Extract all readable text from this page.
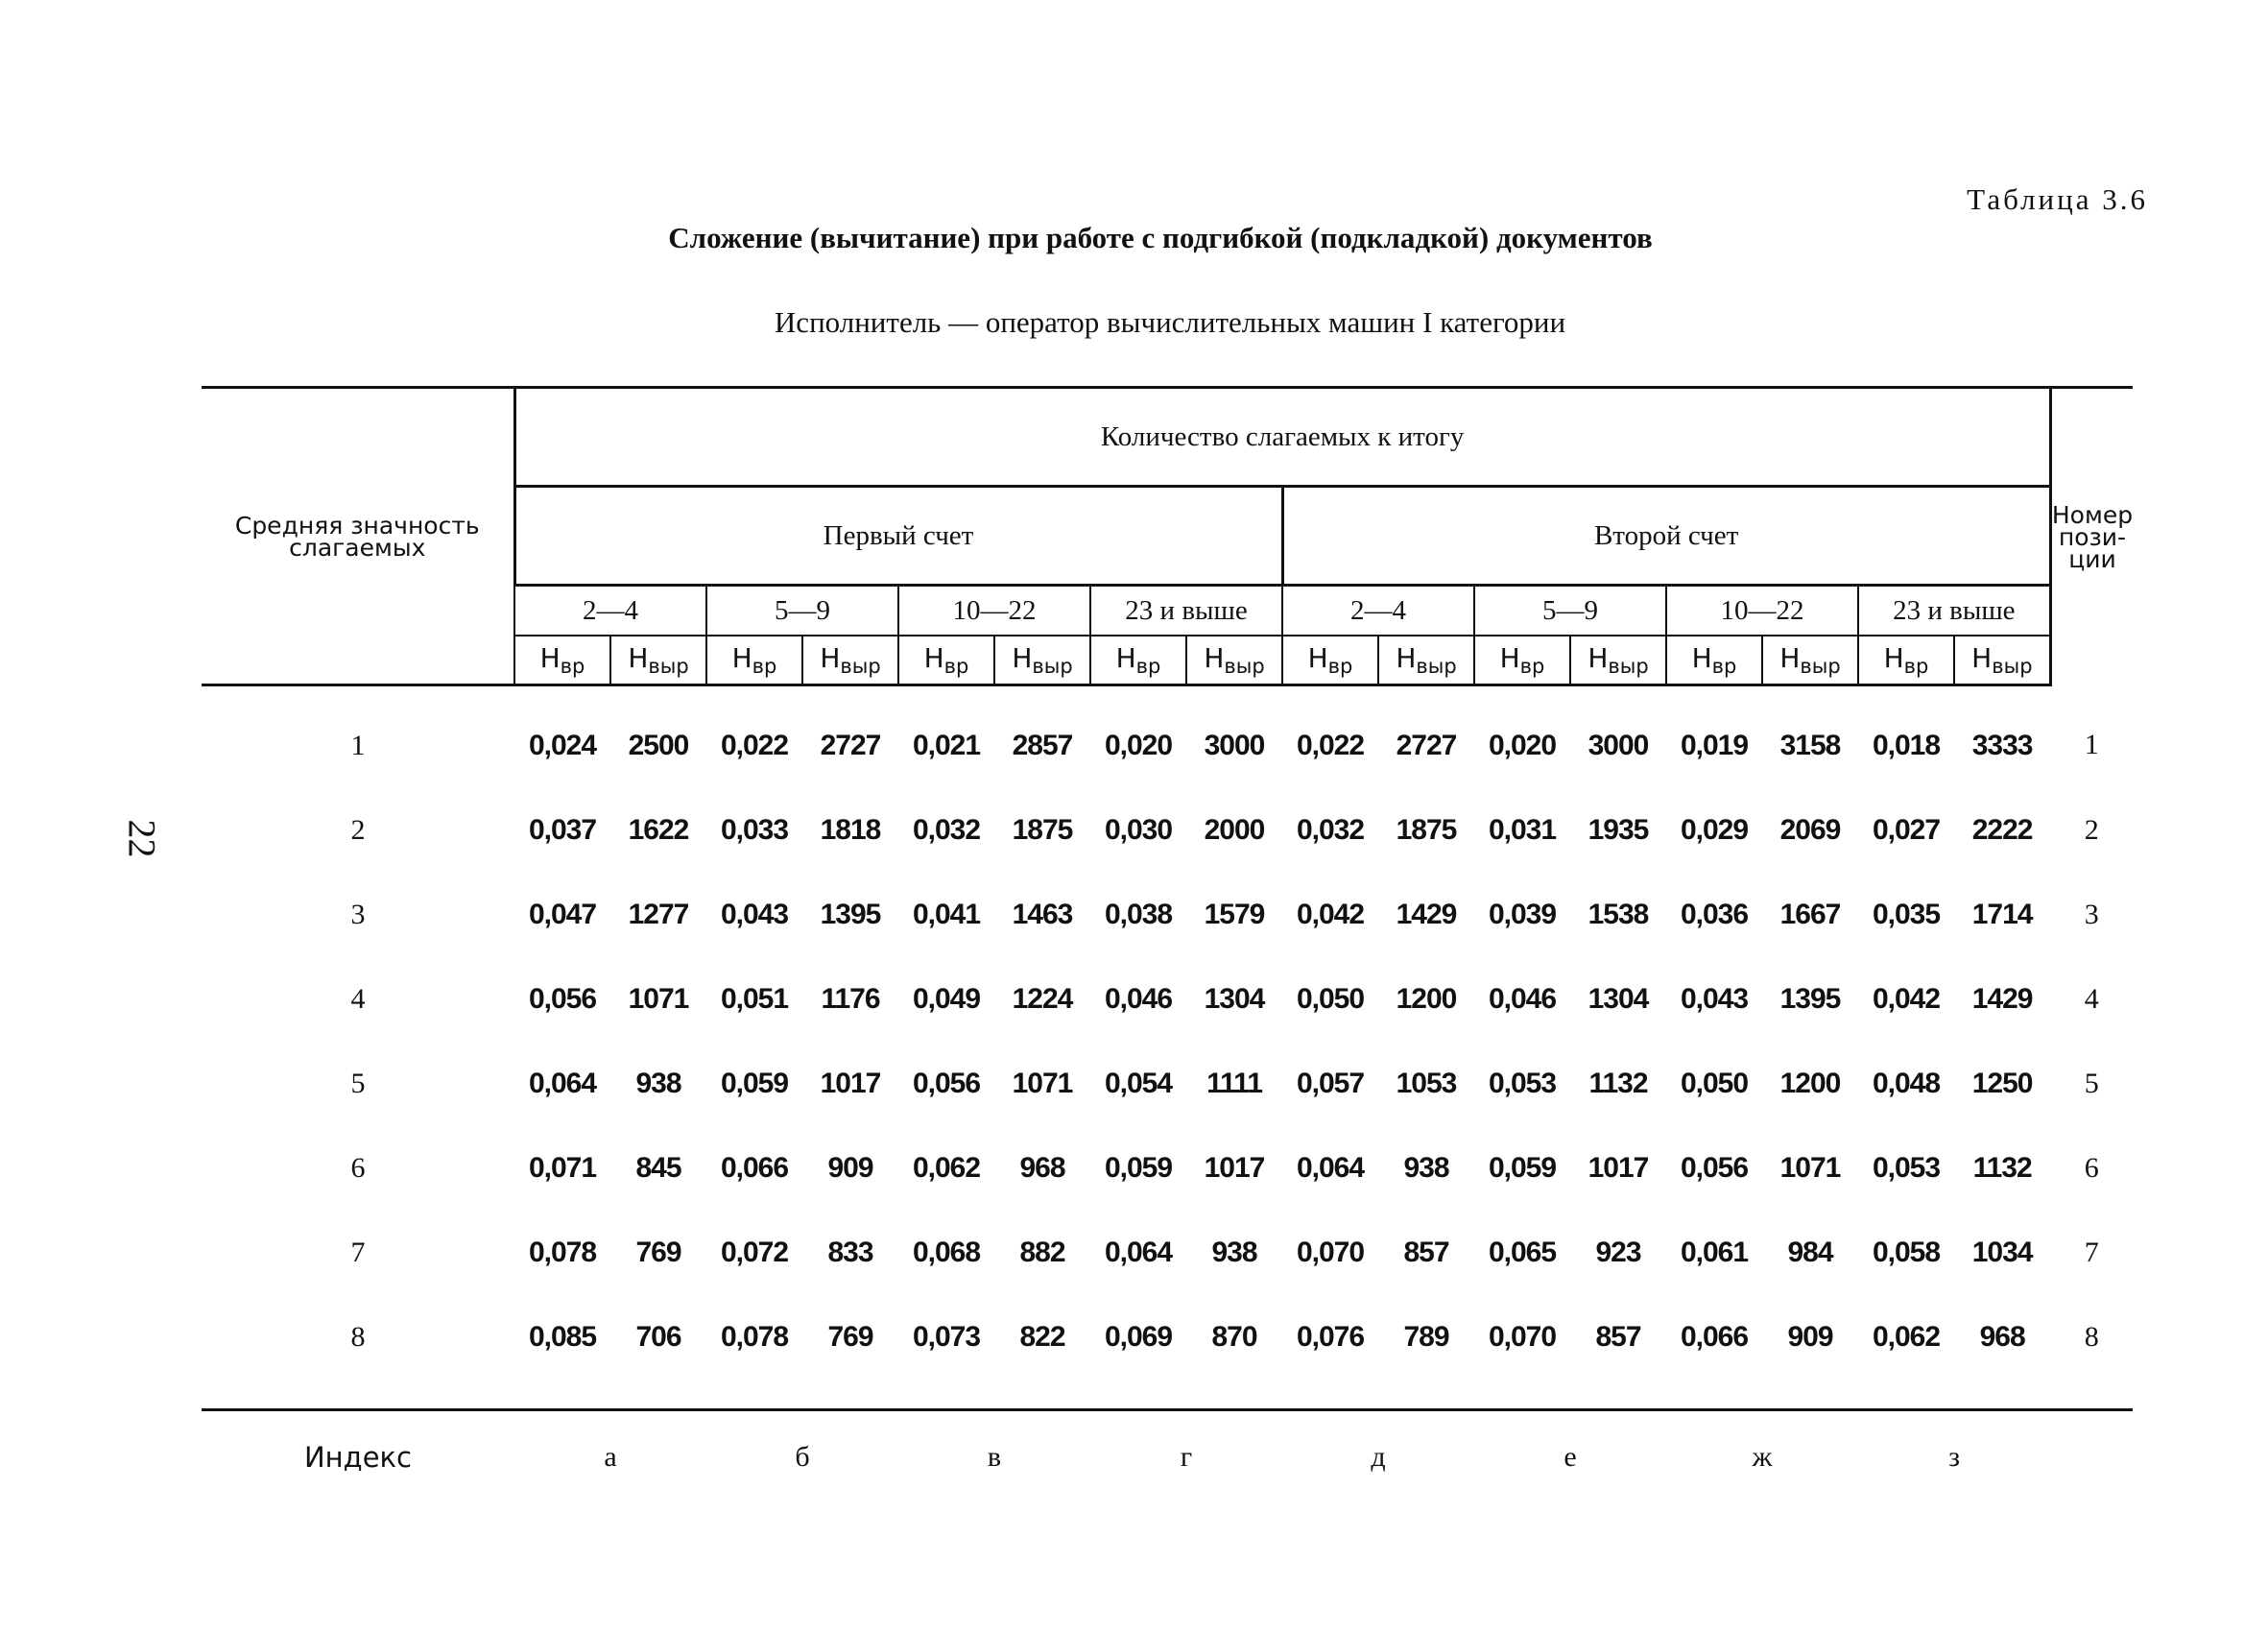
Таблица 3.6
Сложение (вычитание) при работе с подгибкой (подкладкой) документов
Исполнитель — оператор вычислительных машин I категории
22
Средняя значность слагаемых	Количество слагаемых к итогу																Номер пози-ции
	Первый счет								Второй счет								
	2—4		5—9		10—22		23 и выше		2—4		5—9		10—22		23 и выше		
	$Н_{вр}$	$Н_{выр}$	$Н_{вр}$	$Н_{выр}$	$Н_{вр}$	$Н_{выр}$	$Н_{вр}$	$Н_{выр}$	$Н_{вр}$	$Н_{выр}$	$Н_{вр}$	$Н_{выр}$	$Н_{вр}$	$Н_{выр}$	$Н_{вр}$	$Н_{выр}$
1	0,024	2500	0,022	2727	0,021	2857	0,020	3000	0,022	2727	0,020	3000	0,019	3158	0,018	3333	1
2	0,037	1622	0,033	1818	0,032	1875	0,030	2000	0,032	1875	0,031	1935	0,029	2069	0,027	2222	2
3	0,047	1277	0,043	1395	0,041	1463	0,038	1579	0,042	1429	0,039	1538	0,036	1667	0,035	1714	3
4	0,056	1071	0,051	1176	0,049	1224	0,046	1304	0,050	1200	0,046	1304	0,043	1395	0,042	1429	4
5	0,064	938	0,059	1017	0,056	1071	0,054	1111	0,057	1053	0,053	1132	0,050	1200	0,048	1250	5
6	0,071	845	0,066	909	0,062	968	0,059	1017	0,064	938	0,059	1017	0,056	1071	0,053	1132	6
7	0,078	769	0,072	833	0,068	882	0,064	938	0,070	857	0,065	923	0,061	984	0,058	1034	7
8	0,085	706	0,078	769	0,073	822	0,069	870	0,076	789	0,070	857	0,066	909	0,062	968	8
Индекс	а		б		в		г		д		е		ж		з		
